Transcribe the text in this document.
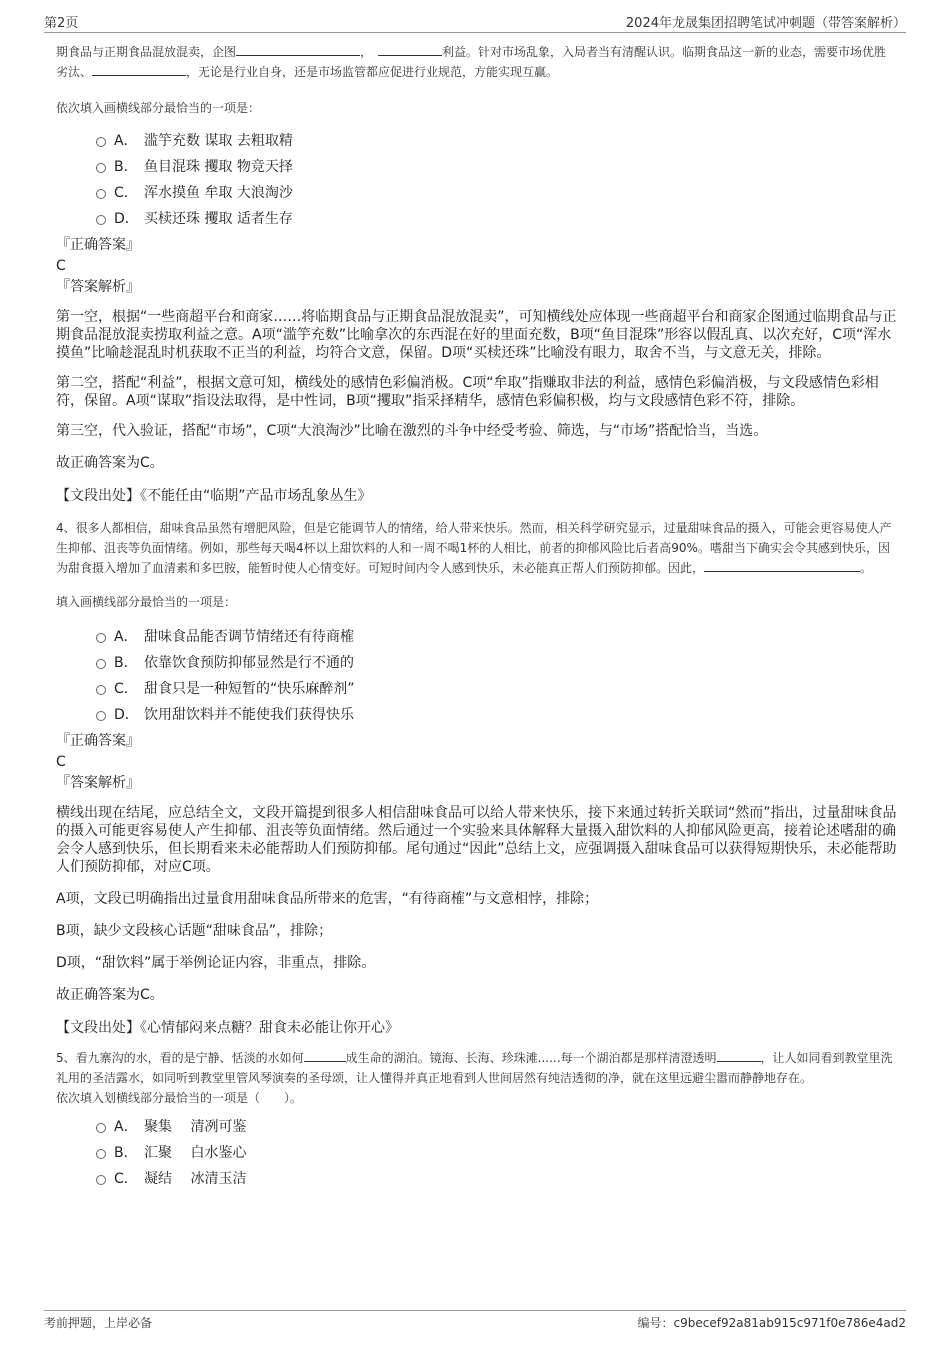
第2页	2024年龙晟集团招聘笔试冲刺题（带答案解析）

期食品与正期食品混放混卖，企图	，	利益。针对市场乱象，入局者当有清醒认识。临期食品这一新的业态，需要市场优胜劣汰、	，无论是行业自身，还是市场监管都应促进行业规范，方能实现互赢。

依次填入画横线部分最恰当的一项是：

A． 滥竽充数 谋取 去粗取精
B． 鱼目混珠 攫取 物竞天择
C． 浑水摸鱼 牟取 大浪淘沙
D． 买椟还珠 攫取 适者生存

『正确答案』

C

『答案解析』

第一空，根据“一些商超平台和商家……将临期食品与正期食品混放混卖”，可知横线处应体现一些商超平台和商家企图通过临期食品与正期食品混放混卖捞取利益之意。A项“滥竽充数”比喻拿次的东西混在好的里面充数，B项“鱼目混珠”形容以假乱真、以次充好，C项“浑水摸鱼”比喻趁混乱时机获取不正当的利益，均符合文意，保留。D项“买椟还珠”比喻没有眼力，取舍不当，与文意无关，排除。

第二空，搭配“利益”，根据文意可知，横线处的感情色彩偏消极。C项“牟取”指赚取非法的利益，感情色彩偏消极，与文段感情色彩相符，保留。A项“谋取”指设法取得，是中性词，B项“攫取”指采择精华，感情色彩偏积极，均与文段感情色彩不符，排除。

第三空，代入验证，搭配“市场”，C项“大浪淘沙”比喻在激烈的斗争中经受考验、筛选，与“市场”搭配恰当，当选。

故正确答案为C。

【文段出处】《不能任由“临期”产品市场乱象丛生》

4、很多人都相信，甜味食品虽然有增肥风险，但是它能调节人的情绪，给人带来快乐。然而，相关科学研究显示，过量甜味食品的摄入，可能会更容易使人产生抑郁、沮丧等负面情绪。例如，那些每天喝4杯以上甜饮料的人和一周不喝1杯的人相比，前者的抑郁风险比后者高90%。嗜甜当下确实会令其感到快乐，因为甜食摄入增加了血清素和多巴胺，能暂时使人心情变好。可短时间内令人感到快乐，未必能真正帮人们预防抑郁。因此，	。

填入画横线部分最恰当的一项是：

A． 甜味食品能否调节情绪还有待商榷
B． 依靠饮食预防抑郁显然是行不通的
C． 甜食只是一种短暂的“快乐麻醉剂”
D． 饮用甜饮料并不能使我们获得快乐

『正确答案』

C

『答案解析』

横线出现在结尾，应总结全文，文段开篇提到很多人相信甜味食品可以给人带来快乐，接下来通过转折关联词“然而”指出，过量甜味食品的摄入可能更容易使人产生抑郁、沮丧等负面情绪。然后通过一个实验来具体解释大量摄入甜饮料的人抑郁风险更高，接着论述嗜甜的确会令人感到快乐，但长期看来未必能帮助人们预防抑郁。尾句通过“因此”总结上文，应强调摄入甜味食品可以获得短期快乐，未必能帮助人们预防抑郁，对应C项。

A项，文段已明确指出过量食用甜味食品所带来的危害，“有待商榷”与文意相悖，排除；

B项，缺少文段核心话题“甜味食品”，排除；

D项，“甜饮料”属于举例论证内容，非重点，排除。

故正确答案为C。

【文段出处】《心情郁闷来点糖？甜食未必能让你开心》

5、看九寨沟的水，看的是宁静、恬淡的水如何	成生命的湖泊。镜海、长海、珍珠滩......每一个湖泊都是那样清澄透明	，让人如同看到教堂里洗礼用的圣洁露水，如同听到教堂里管风琴演奏的圣母颂，让人懂得并真正地看到人世间居然有纯洁透彻的净，就在这里远避尘嚣而静静地存在。

依次填入划横线部分最恰当的一项是（　　）。

A． 聚集　 清冽可鉴
B． 汇聚　 白水鉴心
C． 凝结　 冰清玉洁
考前押题，上岸必备	编号：c9becef92a81ab915c971f0e786e4ad2
